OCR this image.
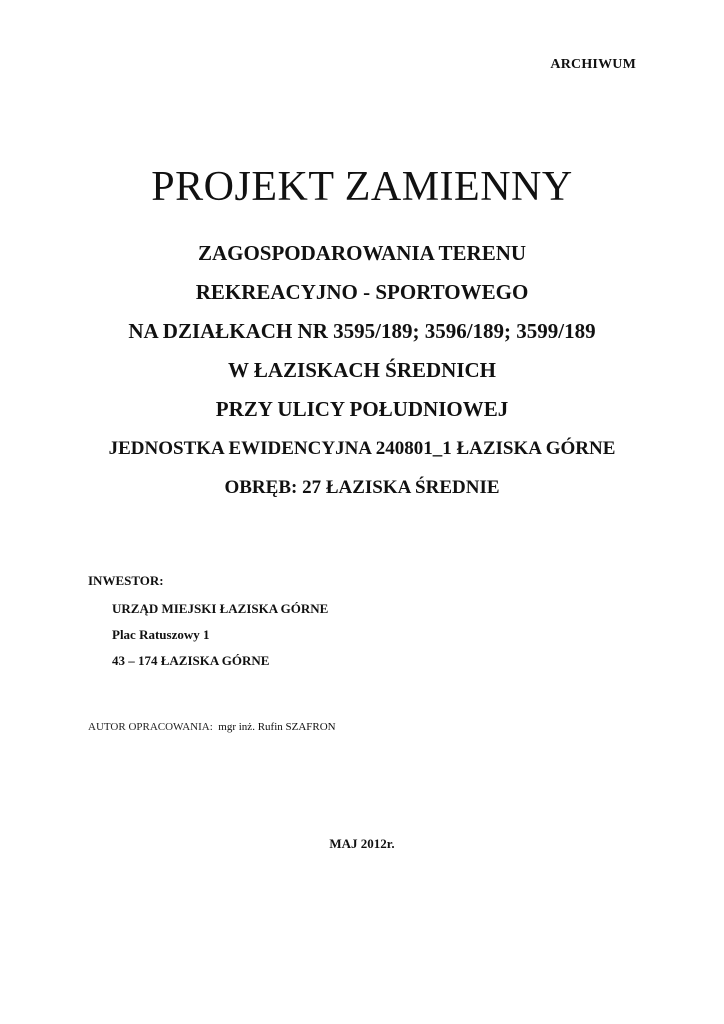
ARCHIWUM
PROJEKT ZAMIENNY
ZAGOSPODAROWANIA TERENU
REKREACYJNO - SPORTOWEGO
NA DZIAŁKACH NR 3595/189; 3596/189; 3599/189
W ŁAZISKACH ŚREDNICH
PRZY ULICY POŁUDNIOWEJ
JEDNOSTKA EWIDENCYJNA 240801_1 ŁAZISKA GÓRNE
OBRĘB: 27 ŁAZISKA ŚREDNIE
INWESTOR:
URZĄD MIEJSKI ŁAZISKA GÓRNE
Plac Ratuszowy 1
43 – 174 ŁAZISKA GÓRNE
AUTOR OPRACOWANIA: mgr inż. Rufin SZAFRON
MAJ 2012r.
